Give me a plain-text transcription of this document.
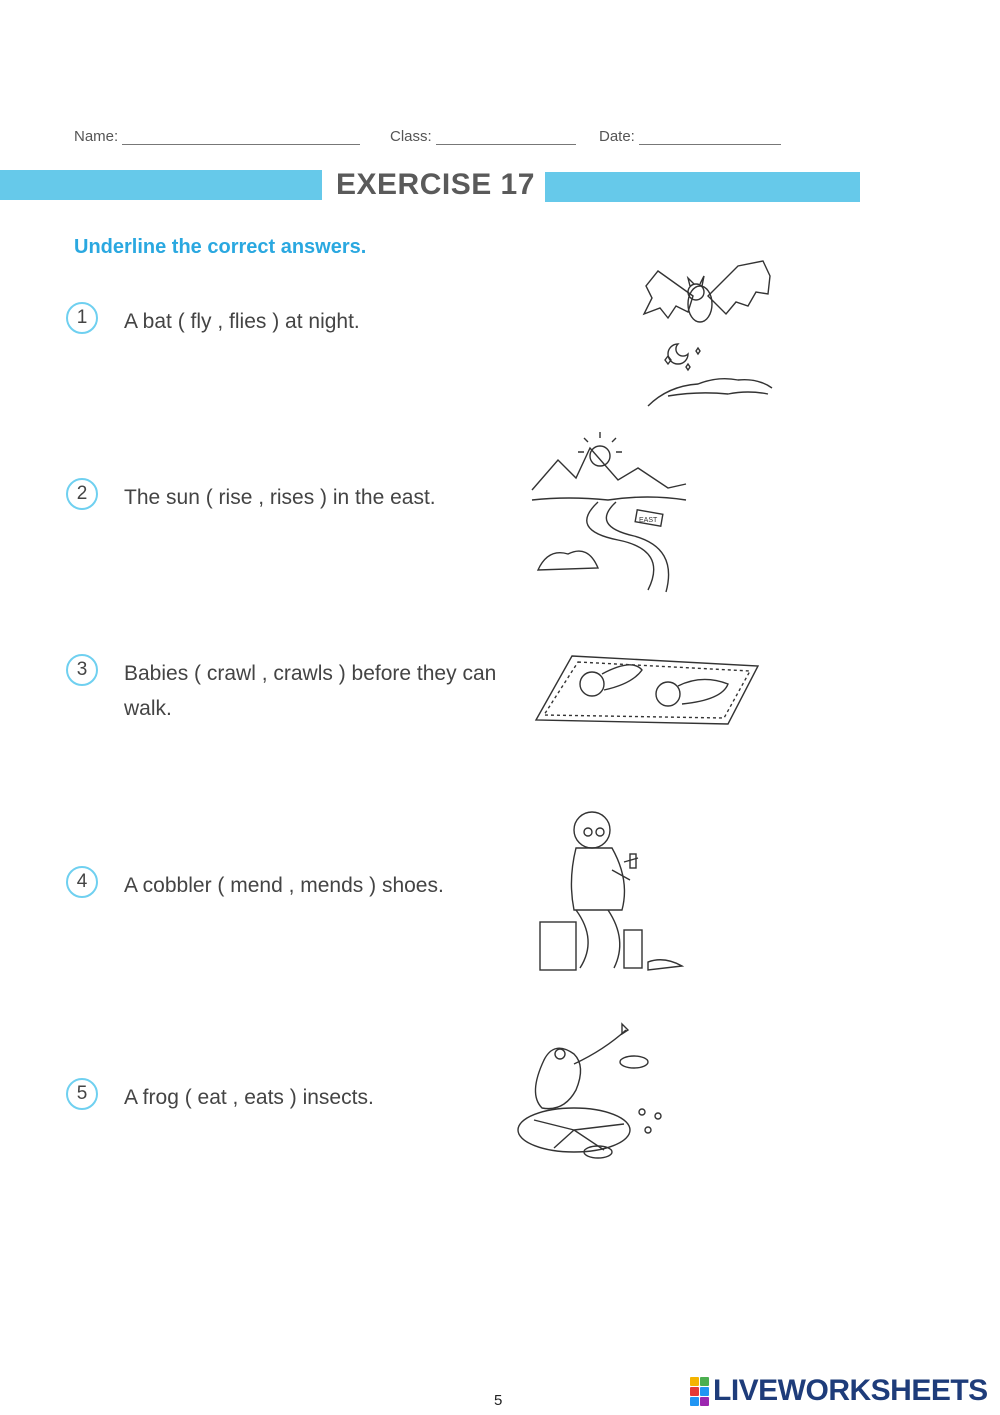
Name:	Class:	Date:
EXERCISE 17
Underline the correct answers.
1	A bat ( fly , flies ) at night.
2	The sun ( rise , rises ) in the east.
EAST
3	Babies ( crawl , crawls ) before they can walk.
4	A cobbler ( mend , mends ) shoes.
5	A frog ( eat , eats ) insects.
5	LIVEWORKSHEETS
